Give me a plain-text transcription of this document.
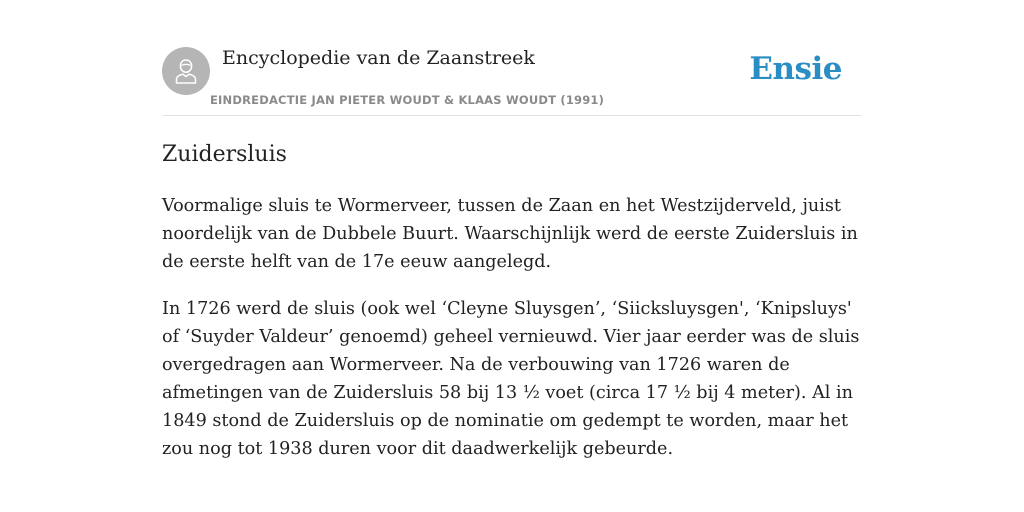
Encyclopedie van de Zaanstreek
EINDREDACTIE JAN PIETER WOUDT & KLAAS WOUDT (1991)
Ensie
Zuidersluis

Voormalige sluis te Wormerveer, tussen de Zaan en het Westzijderveld, juist noordelijk van de Dubbele Buurt. Waarschijnlijk werd de eerste Zuidersluis in de eerste helft van de 17e eeuw aangelegd.

In 1726 werd de sluis (ook wel ‘Cleyne Sluysgen’, ‘Siicksluysgen', ‘Knipsluys' of ‘Suyder Valdeur’ genoemd) geheel vernieuwd. Vier jaar eerder was de sluis overgedragen aan Wormerveer. Na de verbouwing van 1726 waren de afmetingen van de Zuidersluis 58 bij 13 ½ voet (circa 17 ½ bij 4 meter). Al in 1849 stond de Zuidersluis op de nominatie om gedempt te worden, maar het zou nog tot 1938 duren voor dit daadwerkelijk gebeurde.
